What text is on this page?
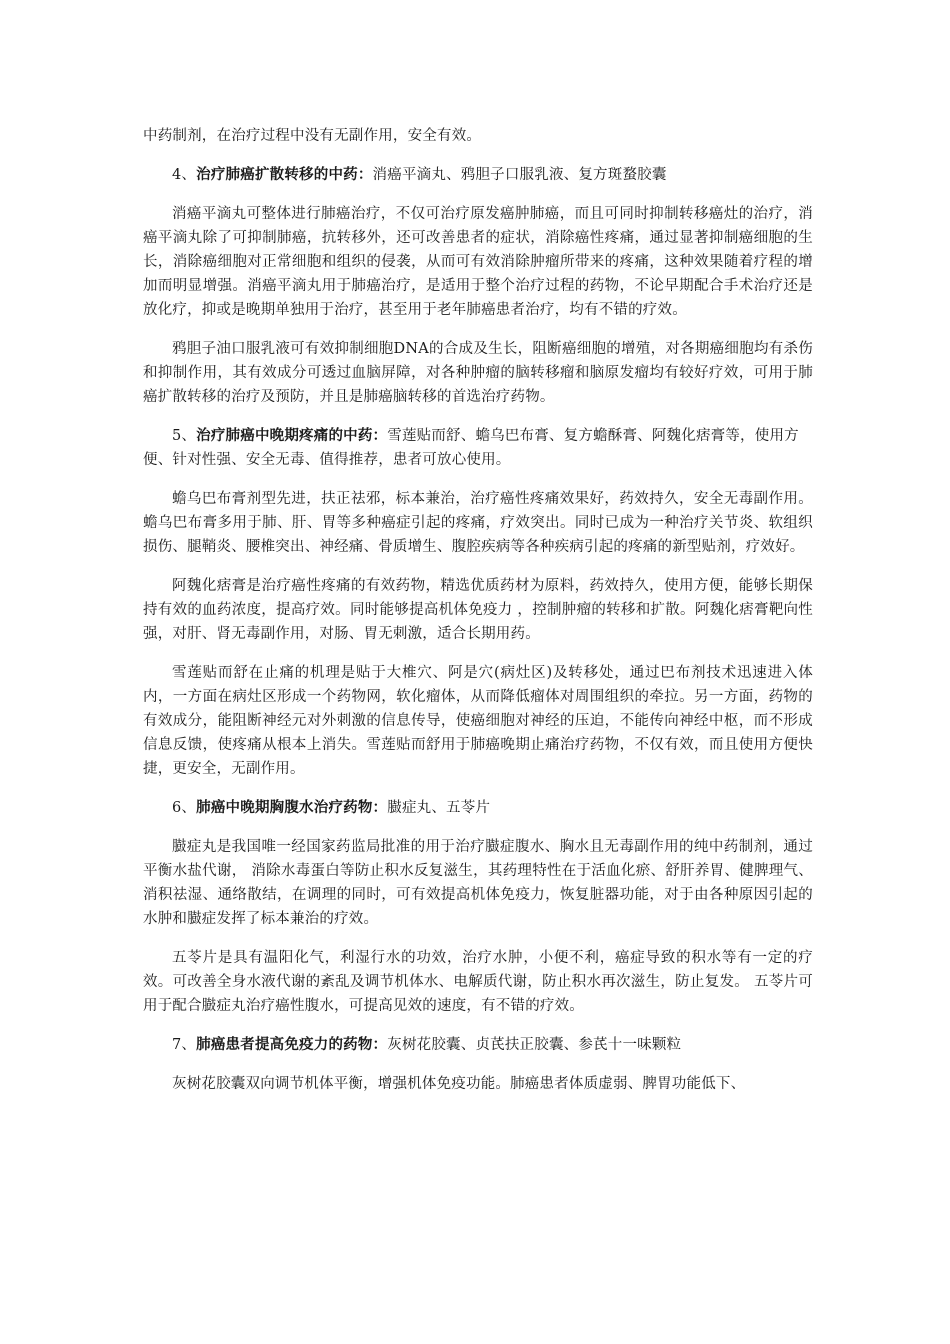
中药制剂，在治疗过程中没有无副作用，安全有效。

4、治疗肺癌扩散转移的中药：消癌平滴丸、鸦胆子口服乳液、复方斑蝥胶囊

消癌平滴丸可整体进行肺癌治疗，不仅可治疗原发癌肿肺癌，而且可同时抑制转移癌灶的治疗，消癌平滴丸除了可抑制肺癌，抗转移外，还可改善患者的症状，消除癌性疼痛，通过显著抑制癌细胞的生长，消除癌细胞对正常细胞和组织的侵袭，从而可有效消除肿瘤所带来的疼痛，这种效果随着疗程的增加而明显增强。消癌平滴丸用于肺癌治疗，是适用于整个治疗过程的药物，不论早期配合手术治疗还是放化疗，抑或是晚期单独用于治疗，甚至用于老年肺癌患者治疗，均有不错的疗效。

鸦胆子油口服乳液可有效抑制细胞DNA的合成及生长，阻断癌细胞的增殖，对各期癌细胞均有杀伤和抑制作用，其有效成分可透过血脑屏障，对各种肿瘤的脑转移瘤和脑原发瘤均有较好疗效，可用于肺癌扩散转移的治疗及预防，并且是肺癌脑转移的首选治疗药物。

5、治疗肺癌中晚期疼痛的中药：雪莲贴而舒、蟾乌巴布膏、复方蟾酥膏、阿魏化痞膏等，使用方便、针对性强、安全无毒、值得推荐，患者可放心使用。

蟾乌巴布膏剂型先进，扶正祛邪，标本兼治，治疗癌性疼痛效果好，药效持久，安全无毒副作用。蟾乌巴布膏多用于肺、肝、胃等多种癌症引起的疼痛，疗效突出。同时已成为一种治疗关节炎、软组织损伤、腿鞘炎、腰椎突出、神经痛、骨质增生、腹腔疾病等各种疾病引起的疼痛的新型贴剂，疗效好。

阿魏化痞膏是治疗癌性疼痛的有效药物，精选优质药材为原料，药效持久，使用方便，能够长期保持有效的血药浓度，提高疗效。同时能够提高机体免疫力 ，控制肿瘤的转移和扩散。阿魏化痞膏靶向性强，对肝、肾无毒副作用，对肠、胃无刺激，适合长期用药。

雪莲贴而舒在止痛的机理是贴于大椎穴、阿是穴(病灶区)及转移处，通过巴布剂技术迅速进入体内，一方面在病灶区形成一个药物网，软化瘤体，从而降低瘤体对周围组织的牵拉。另一方面，药物的有效成分，能阻断神经元对外刺激的信息传导，使癌细胞对神经的压迫，不能传向神经中枢，而不形成信息反馈，使疼痛从根本上消失。雪莲贴而舒用于肺癌晚期止痛治疗药物，不仅有效，而且使用方便快捷，更安全，无副作用。

6、肺癌中晚期胸腹水治疗药物：臌症丸、五苓片

臌症丸是我国唯一经国家药监局批准的用于治疗臌症腹水、胸水且无毒副作用的纯中药制剂，通过平衡水盐代谢， 消除水毒蛋白等防止积水反复滋生，其药理特性在于活血化瘀、舒肝养胃、健脾理气、消积祛湿、通络散结，在调理的同时，可有效提高机体免疫力，恢复脏器功能，对于由各种原因引起的水肿和臌症发挥了标本兼治的疗效。

五苓片是具有温阳化气，利湿行水的功效，治疗水肿，小便不利，癌症导致的积水等有一定的疗效。可改善全身水液代谢的紊乱及调节机体水、电解质代谢，防止积水再次滋生，防止复发。 五苓片可用于配合臌症丸治疗癌性腹水，可提高见效的速度，有不错的疗效。

7、肺癌患者提高免疫力的药物：灰树花胶囊、贞芪扶正胶囊、参芪十一味颗粒

灰树花胶囊双向调节机体平衡，增强机体免疫功能。肺癌患者体质虚弱、脾胃功能低下、
